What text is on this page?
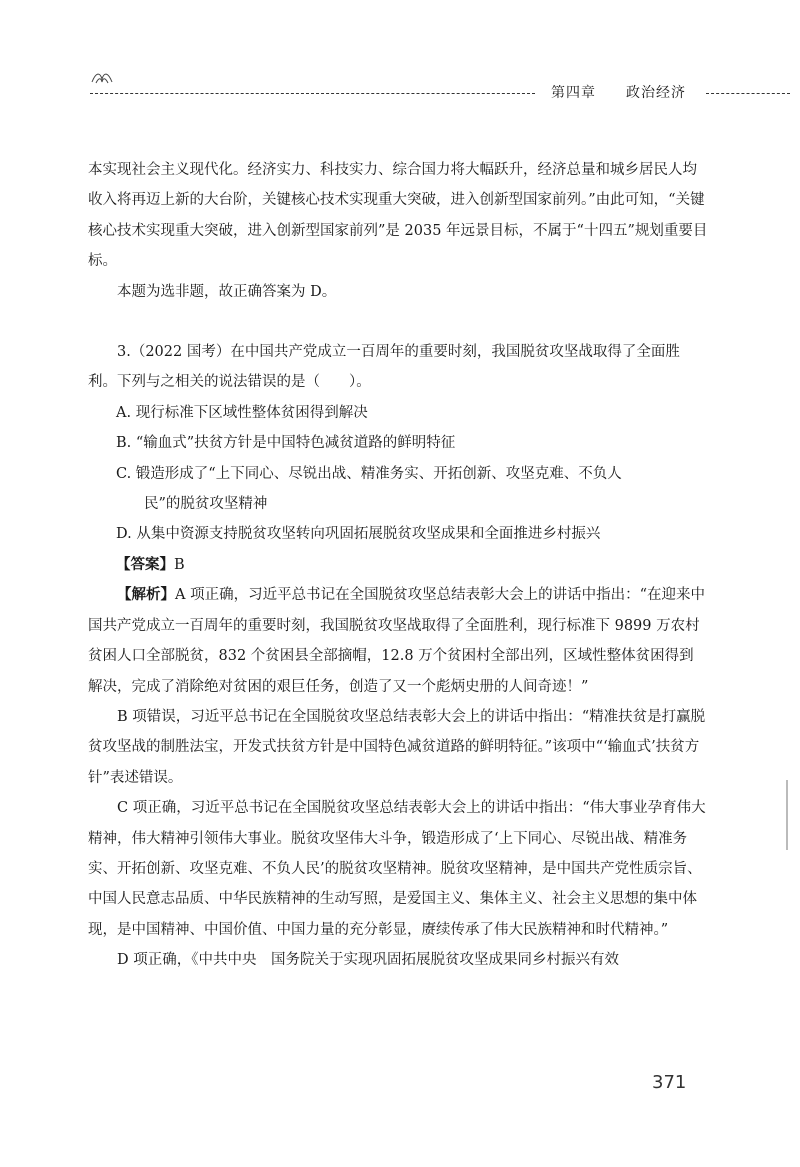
第四章 政治经济

本实现社会主义现代化。经济实力、科技实力、综合国力将大幅跃升，经济总量和城乡居民人均收入将再迈上新的大台阶，关键核心技术实现重大突破，进入创新型国家前列。”由此可知，“关键核心技术实现重大突破，进入创新型国家前列”是 2035 年远景目标，不属于“十四五”规划重要目标。

本题为选非题，故正确答案为 D。

3.（2022 国考）在中国共产党成立一百周年的重要时刻，我国脱贫攻坚战取得了全面胜利。下列与之相关的说法错误的是（　　）。

A. 现行标准下区域性整体贫困得到解决

B. “输血式”扶贫方针是中国特色减贫道路的鲜明特征

C. 锻造形成了“上下同心、尽锐出战、精准务实、开拓创新、攻坚克难、不负人

民”的脱贫攻坚精神

D. 从集中资源支持脱贫攻坚转向巩固拓展脱贫攻坚成果和全面推进乡村振兴

【答案】B

【解析】A 项正确，习近平总书记在全国脱贫攻坚总结表彰大会上的讲话中指出：“在迎来中国共产党成立一百周年的重要时刻，我国脱贫攻坚战取得了全面胜利，现行标准下 9899 万农村贫困人口全部脱贫，832 个贫困县全部摘帽，12.8 万个贫困村全部出列，区域性整体贫困得到解决，完成了消除绝对贫困的艰巨任务，创造了又一个彪炳史册的人间奇迹！”

B 项错误，习近平总书记在全国脱贫攻坚总结表彰大会上的讲话中指出：“精准扶贫是打赢脱贫攻坚战的制胜法宝，开发式扶贫方针是中国特色减贫道路的鲜明特征。”该项中“‘输血式’扶贫方针”表述错误。

C 项正确，习近平总书记在全国脱贫攻坚总结表彰大会上的讲话中指出：“伟大事业孕育伟大精神，伟大精神引领伟大事业。脱贫攻坚伟大斗争，锻造形成了‘上下同心、尽锐出战、精准务实、开拓创新、攻坚克难、不负人民’的脱贫攻坚精神。脱贫攻坚精神，是中国共产党性质宗旨、中国人民意志品质、中华民族精神的生动写照，是爱国主义、集体主义、社会主义思想的集中体现，是中国精神、中国价值、中国力量的充分彰显，赓续传承了伟大民族精神和时代精神。”

D 项正确，《中共中央　国务院关于实现巩固拓展脱贫攻坚成果同乡村振兴有效

371
